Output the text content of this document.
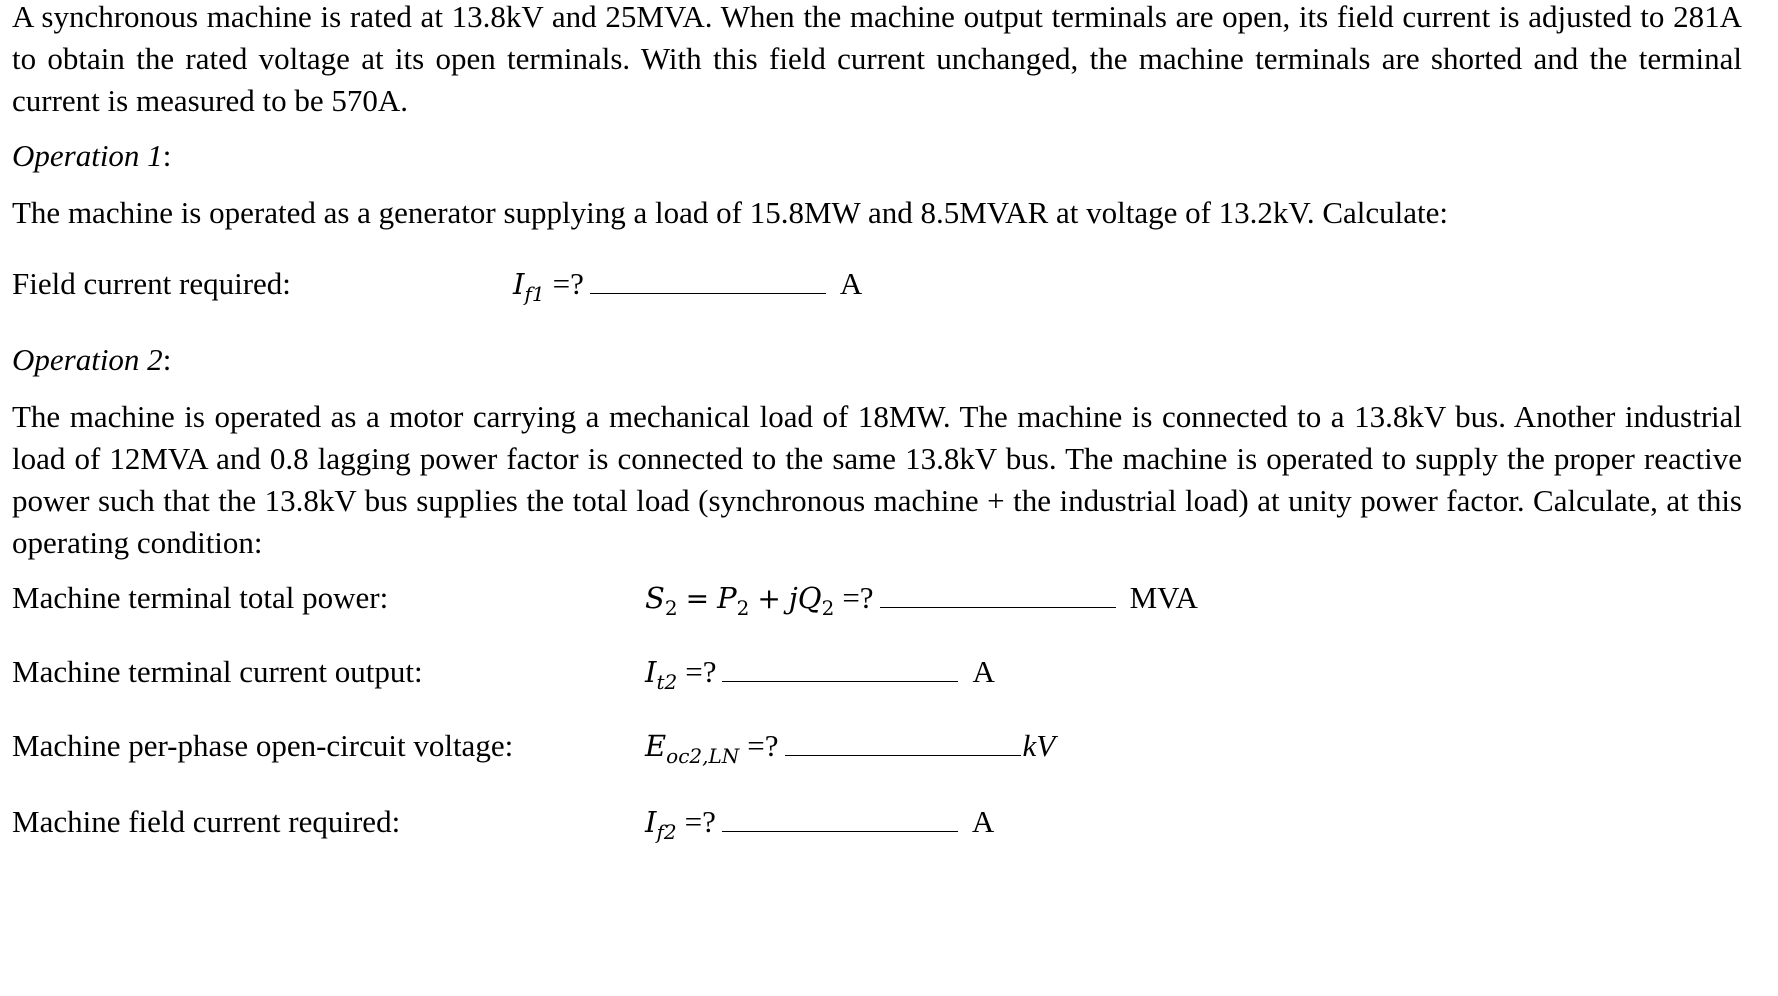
A synchronous machine is rated at 13.8kV and 25MVA. When the machine output terminals are open, its field current is adjusted to 281A to obtain the rated voltage at its open terminals. With this field current unchanged, the machine terminals are shorted and the terminal current is measured to be 570A.

Operation 1:

The machine is operated as a generator supplying a load of 15.8MW and 8.5MVAR at voltage of 13.2kV. Calculate:

Field current required:	I f1 =?	A
Operation 2:

The machine is operated as a motor carrying a mechanical load of 18MW. The machine is connected to a 13.8kV bus. Another industrial load of 12MVA and 0.8 lagging power factor is connected to the same 13.8kV bus. The machine is operated to supply the proper reactive power such that the 13.8kV bus supplies the total load (synchronous machine + the industrial load) at unity power factor. Calculate, at this operating condition:

Machine terminal total power:	S 2 = P 2 + jQ 2 =?	MVA
Machine terminal current output:	I t2 =?	A
Machine per-phase open-circuit voltage:	E oc2,LN =?	kV
Machine field current required:	I f2 =?	A
